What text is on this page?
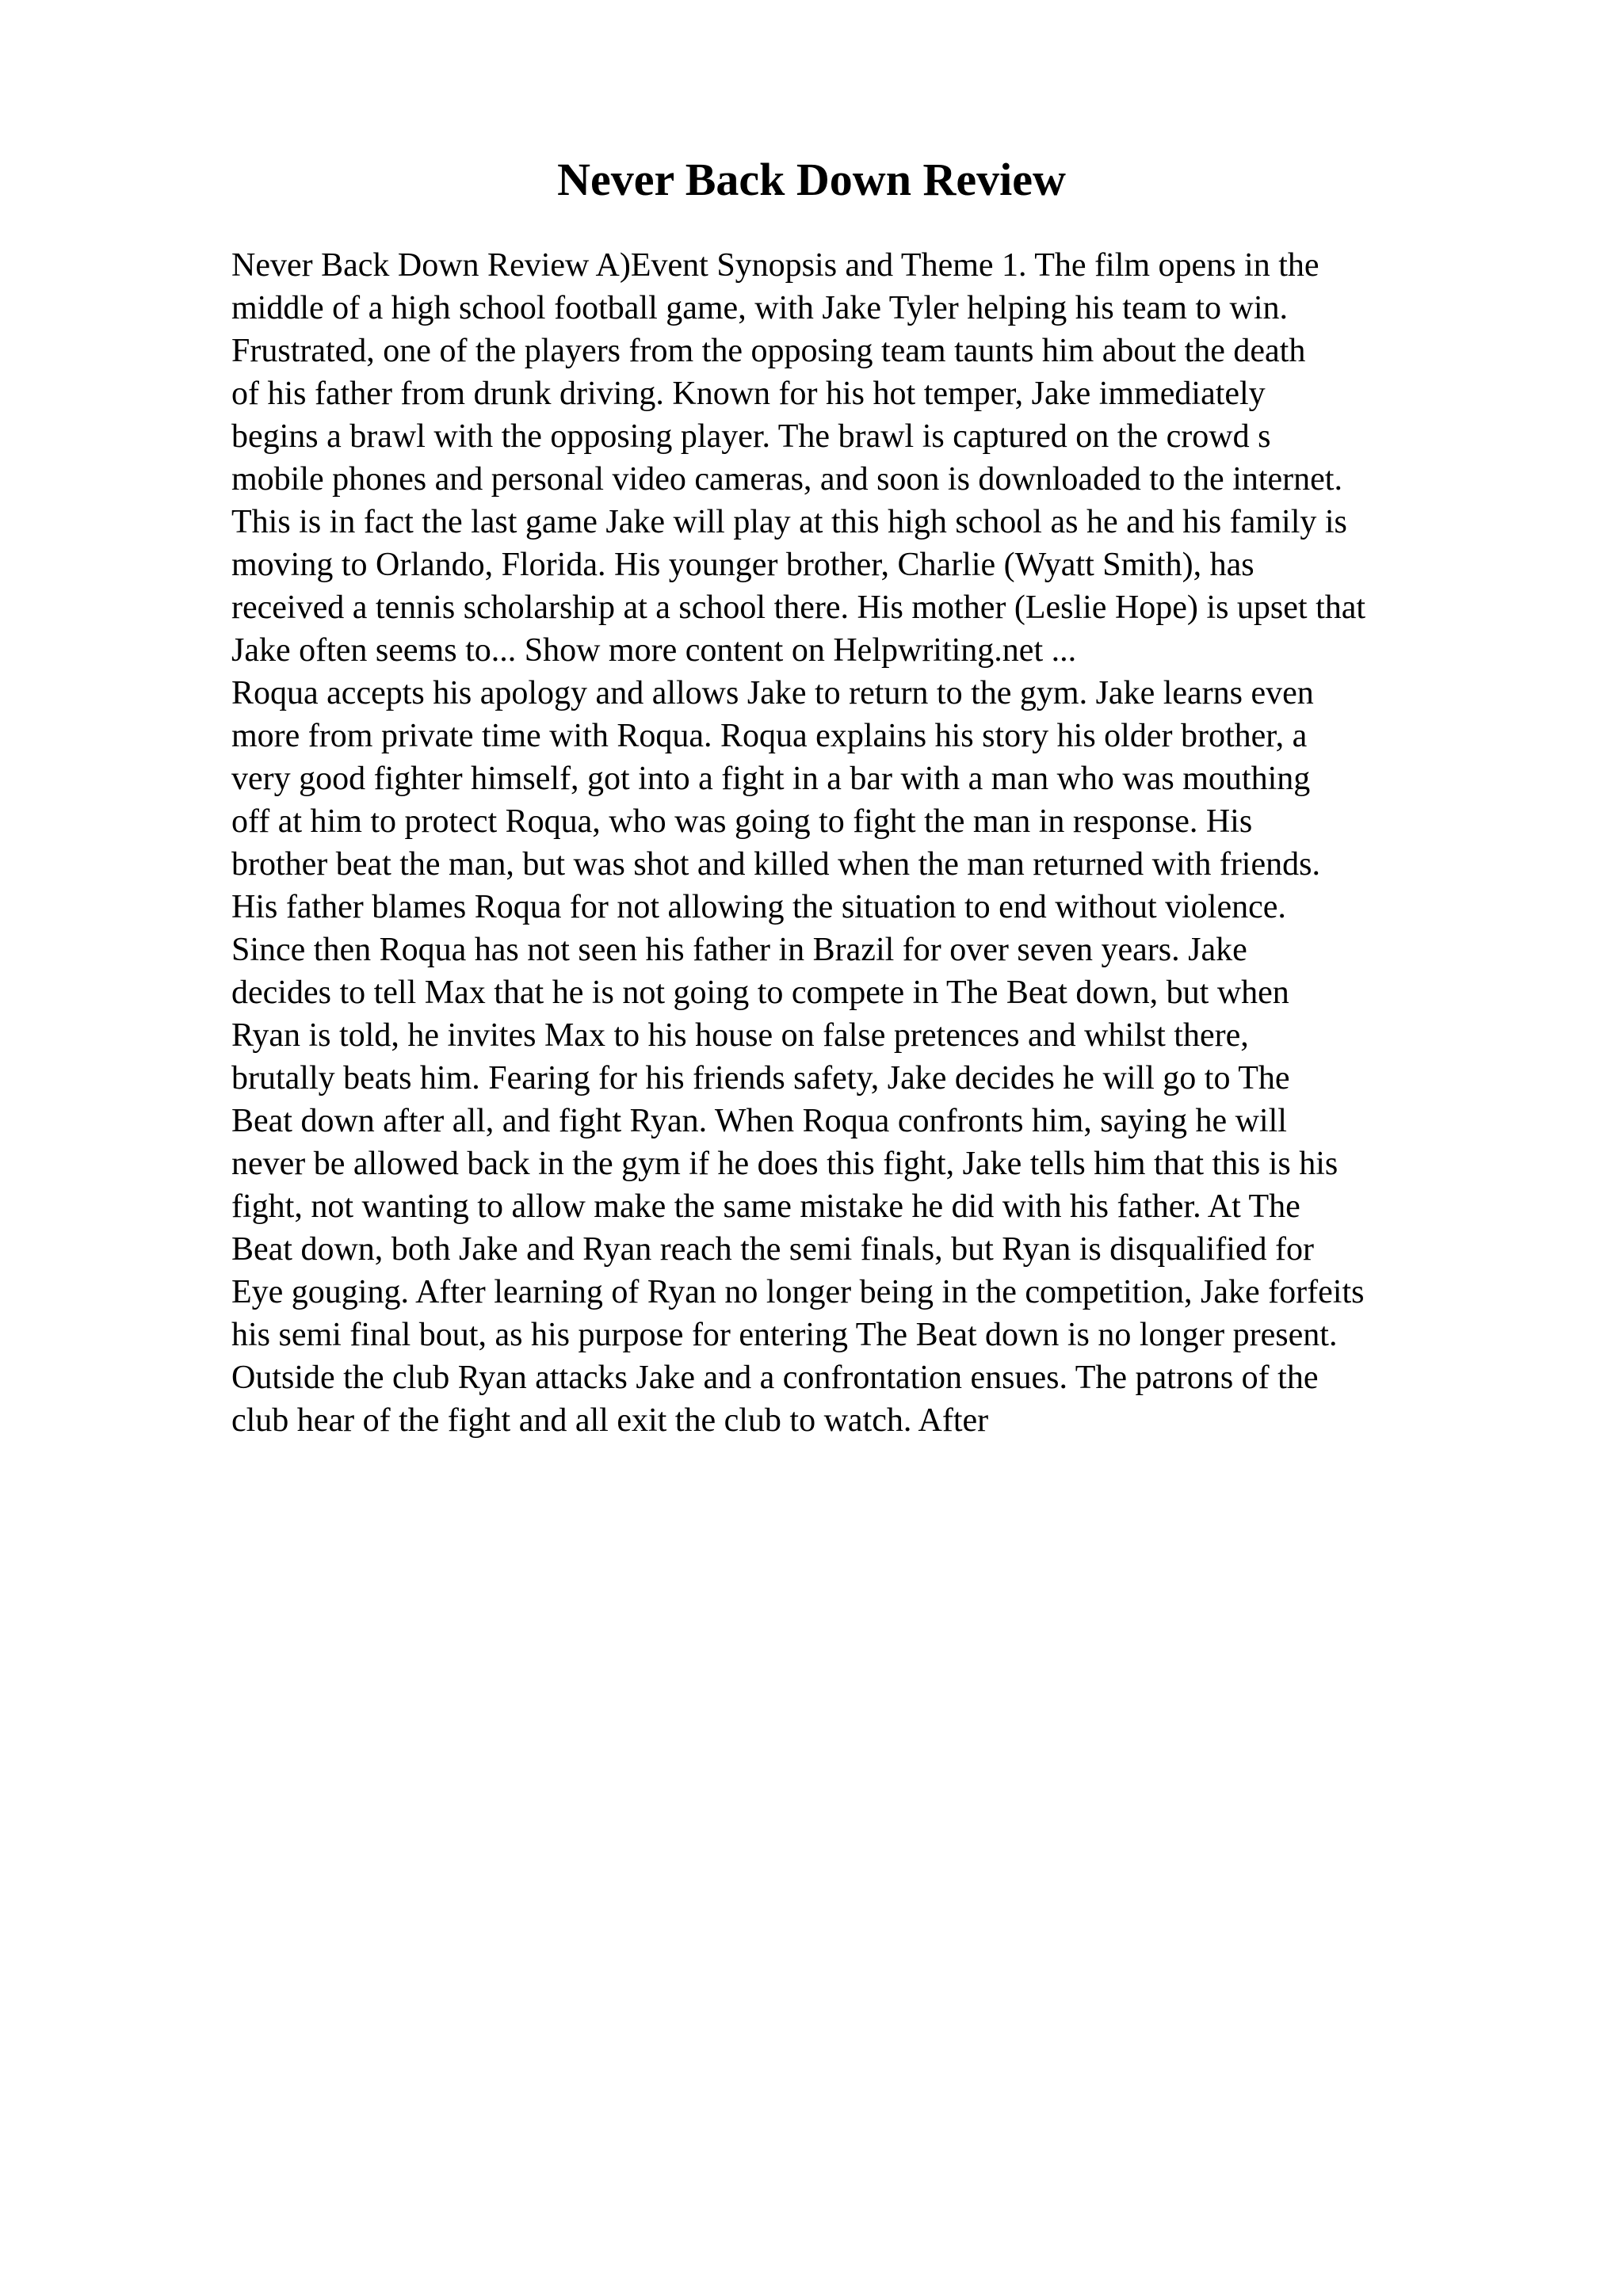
Never Back Down Review
Never Back Down Review A)Event Synopsis and Theme 1. The film opens in the
middle of a high school football game, with Jake Tyler helping his team to win.
Frustrated, one of the players from the opposing team taunts him about the death
of his father from drunk driving. Known for his hot temper, Jake immediately
begins a brawl with the opposing player. The brawl is captured on the crowd s
mobile phones and personal video cameras, and soon is downloaded to the internet.
This is in fact the last game Jake will play at this high school as he and his family is
moving to Orlando, Florida. His younger brother, Charlie (Wyatt Smith), has
received a tennis scholarship at a school there. His mother (Leslie Hope) is upset that
Jake often seems to... Show more content on Helpwriting.net ...
Roqua accepts his apology and allows Jake to return to the gym. Jake learns even
more from private time with Roqua. Roqua explains his story his older brother, a
very good fighter himself, got into a fight in a bar with a man who was mouthing
off at him to protect Roqua, who was going to fight the man in response. His
brother beat the man, but was shot and killed when the man returned with friends.
His father blames Roqua for not allowing the situation to end without violence.
Since then Roqua has not seen his father in Brazil for over seven years. Jake
decides to tell Max that he is not going to compete in The Beat down, but when
Ryan is told, he invites Max to his house on false pretences and whilst there,
brutally beats him. Fearing for his friends safety, Jake decides he will go to The
Beat down after all, and fight Ryan. When Roqua confronts him, saying he will
never be allowed back in the gym if he does this fight, Jake tells him that this is his
fight, not wanting to allow make the same mistake he did with his father. At The
Beat down, both Jake and Ryan reach the semi finals, but Ryan is disqualified for
Eye gouging. After learning of Ryan no longer being in the competition, Jake forfeits
his semi final bout, as his purpose for entering The Beat down is no longer present.
Outside the club Ryan attacks Jake and a confrontation ensues. The patrons of the
club hear of the fight and all exit the club to watch. After
